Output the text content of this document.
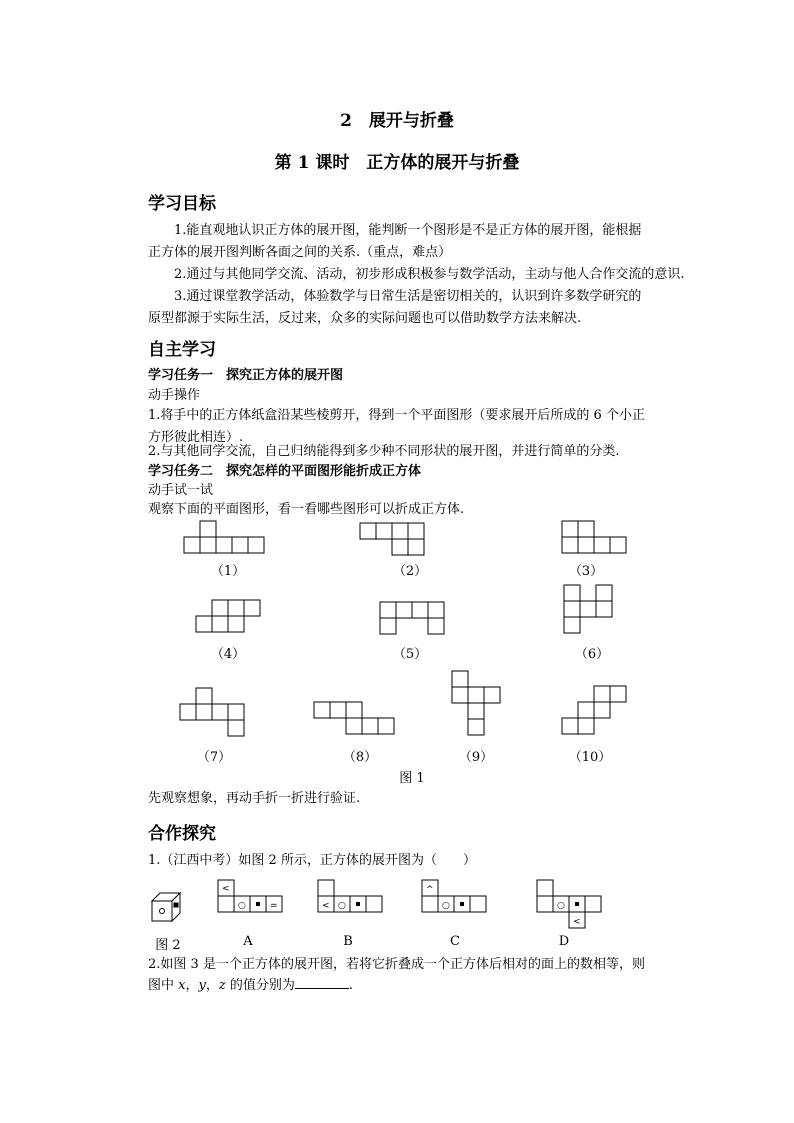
2　展开与折叠
第 1 课时　正方体的展开与折叠
学习目标
1.能直观地认识正方体的展开图，能判断一个图形是不是正方体的展开图，能根据正方体的展开图判断各面之间的关系.（重点，难点）
2.通过与其他同学交流、活动，初步形成积极参与数学活动，主动与他人合作交流的意识.
3.通过课堂教学活动，体验数学与日常生活是密切相关的，认识到许多数学研究的原型都源于实际生活，反过来，众多的实际问题也可以借助数学方法来解决.
自主学习
学习任务一　探究正方体的展开图
动手操作
1.将手中的正方体纸盒沿某些棱剪开，得到一个平面图形（要求展开后所成的 6 个小正方形彼此相连）.
2.与其他同学交流，自己归纳能得到多少种不同形状的展开图，并进行简单的分类.
学习任务二　探究怎样的平面图形能折成正方体
动手试一试
观察下面的平面图形，看一看哪些图形可以折成正方体.
（1）	（2）	（3）
（4）	（5）	（6）
（7）	（8）	（9）	（10）
图 1
先观察想象，再动手折一折进行验证.
合作探究
1.（江西中考）如图 2 所示，正方体的展开图为（　　）
<
○	=	< ○
^
○	○
<
图 2	A	B	C	D
2.如图 3 是一个正方体的展开图，若将它折叠成一个正方体后相对的面上的数相等，则
图中 x，y，z 的值分别为	.
